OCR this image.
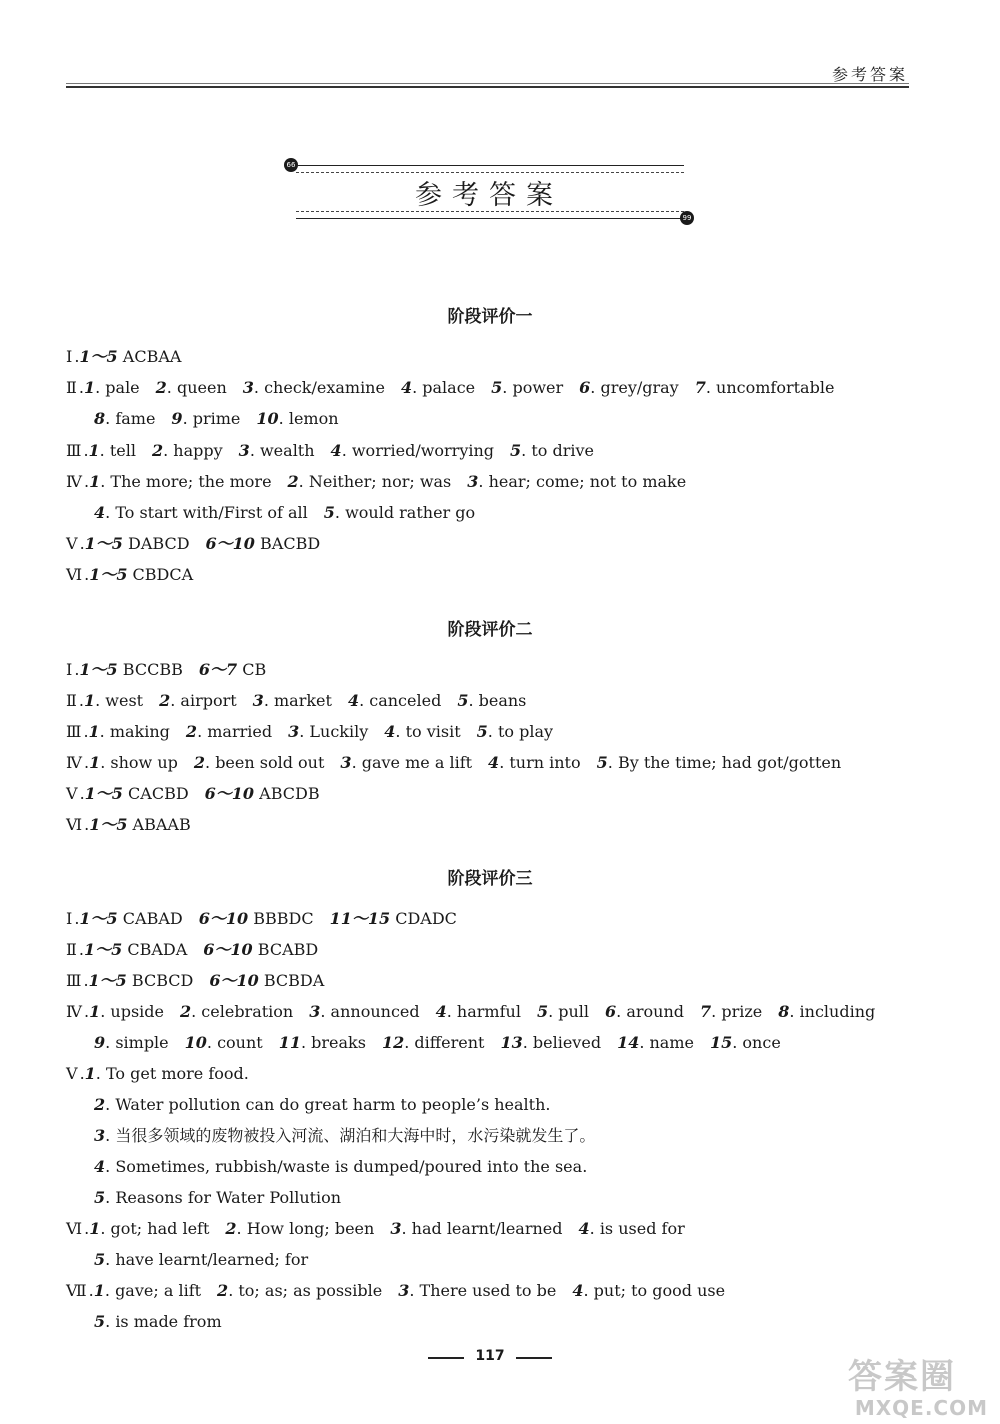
参考答案
66
参考答案
99
阶段评价一
Ⅰ .1～5 ACBAA
Ⅱ .1. pale 2. queen 3. check/examine 4. palace 5. power 6. grey/gray 7. uncomfortable
8. fame 9. prime 10. lemon
Ⅲ .1. tell 2. happy 3. wealth 4. worried/worrying 5. to drive
Ⅳ .1. The more; the more 2. Neither; nor; was 3. hear; come; not to make
4. To start with/First of all 5. would rather go
Ⅴ .1～5 DABCD 6～10 BACBD
Ⅵ .1～5 CBDCA
阶段评价二
Ⅰ .1～5 BCCBB 6～7 CB
Ⅱ .1. west 2. airport 3. market 4. canceled 5. beans
Ⅲ .1. making 2. married 3. Luckily 4. to visit 5. to play
Ⅳ .1. show up 2. been sold out 3. gave me a lift 4. turn into 5. By the time; had got/gotten
Ⅴ .1～5 CACBD 6～10 ABCDB
Ⅵ .1～5 ABAAB
阶段评价三
Ⅰ .1～5 CABAD 6～10 BBBDC 11～15 CDADC
Ⅱ .1～5 CBADA 6～10 BCABD
Ⅲ .1～5 BCBCD 6～10 BCBDA
Ⅳ .1. upside 2. celebration 3. announced 4. harmful 5. pull 6. around 7. prize 8. including
9. simple 10. count 11. breaks 12. different 13. believed 14. name 15. once
Ⅴ .1. To get more food.
2. Water pollution can do great harm to people’s health.
3. 当很多领域的废物被投入河流、湖泊和大海中时，水污染就发生了。
4. Sometimes, rubbish/waste is dumped/poured into the sea.
5. Reasons for Water Pollution
Ⅵ .1. got; had left 2. How long; been 3. had learnt/learned 4. is used for
5. have learnt/learned; for
Ⅶ .1. gave; a lift 2. to; as; as possible 3. There used to be 4. put; to good use
5. is made from
117
答案圈
MXQE.COM
